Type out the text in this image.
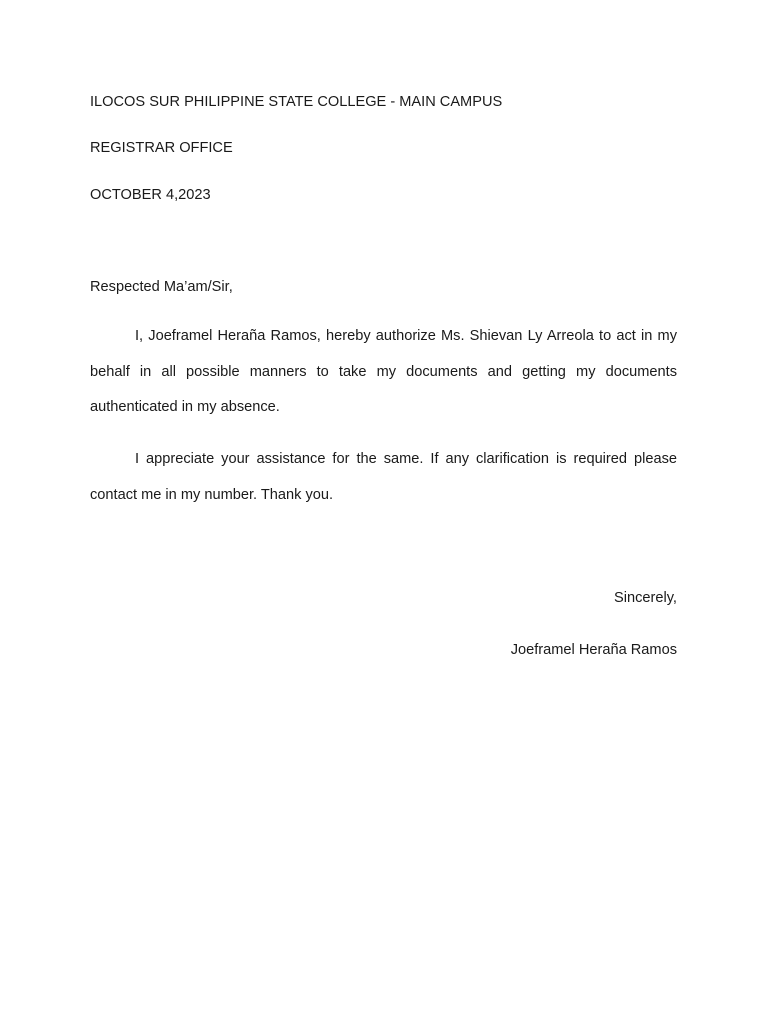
ILOCOS SUR PHILIPPINE STATE COLLEGE - MAIN CAMPUS
REGISTRAR OFFICE
OCTOBER 4,2023
Respected Ma’am/Sir,
I, Joeframel Heraña Ramos, hereby authorize Ms. Shievan Ly Arreola to act in my behalf in all possible manners to take my documents and getting my documents authenticated in my absence.
I appreciate your assistance for the same. If any clarification is required please contact me in my number. Thank you.
Sincerely,
Joeframel Heraña Ramos
